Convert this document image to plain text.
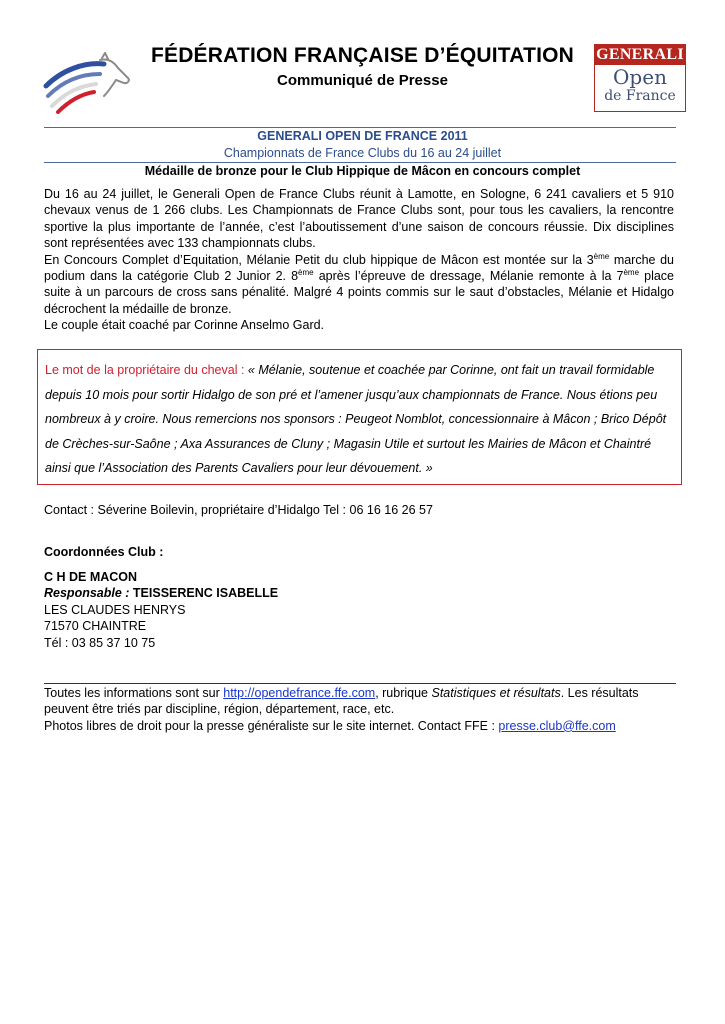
FÉDÉRATION FRANÇAISE D’ÉQUITATION
Communiqué de Presse
GENERALI
Open
de France
GENERALI OPEN DE FRANCE 2011
Championnats de France Clubs du 16 au 24 juillet
Médaille de bronze pour le Club Hippique de Mâcon en concours complet

Du 16 au 24 juillet, le Generali Open de France Clubs réunit à Lamotte, en Sologne, 6 241 cavaliers et 5 910 chevaux venus de 1 266 clubs. Les Championnats de France Clubs sont, pour tous les cavaliers, la rencontre sportive la plus importante de l’année, c’est l’aboutissement d’une saison de concours réussie. Dix disciplines sont représentées avec 133 championnats clubs.

En Concours Complet d’Equitation, Mélanie Petit du club hippique de Mâcon est montée sur la 3ème marche du podium dans la catégorie Club 2 Junior 2. 8ème après l’épreuve de dressage, Mélanie remonte à la 7ème place suite à un parcours de cross sans pénalité. Malgré 4 points commis sur le saut d’obstacles, Mélanie et Hidalgo décrochent la médaille de bronze.

Le couple était coaché par Corinne Anselmo Gard.

Le mot de la propriétaire du cheval : « Mélanie, soutenue et coachée par Corinne, ont fait un travail formidable depuis 10 mois pour sortir Hidalgo de son pré et l’amener jusqu’aux championnats de France. Nous étions peu nombreux à y croire. Nous remercions nos sponsors : Peugeot Nomblot, concessionnaire à Mâcon ; Brico Dépôt de Crèches-sur-Saône ; Axa Assurances de Cluny ; Magasin Utile et surtout les Mairies de Mâcon et Chaintré ainsi que l’Association des Parents Cavaliers pour leur dévouement. »
Contact : Séverine Boilevin, propriétaire d’Hidalgo Tel : 06 16 16 26 57
Coordonnées Club :
C H DE MACON
Responsable : TEISSERENC ISABELLE
LES CLAUDES HENRYS
71570 CHAINTRE
Tél : 03 85 37 10 75

Toutes les informations sont sur http://opendefrance.ffe.com, rubrique Statistiques et résultats. Les résultats peuvent être triés par discipline, région, département, race, etc.

Photos libres de droit pour la presse généraliste sur le site internet. Contact FFE : presse.club@ffe.com
